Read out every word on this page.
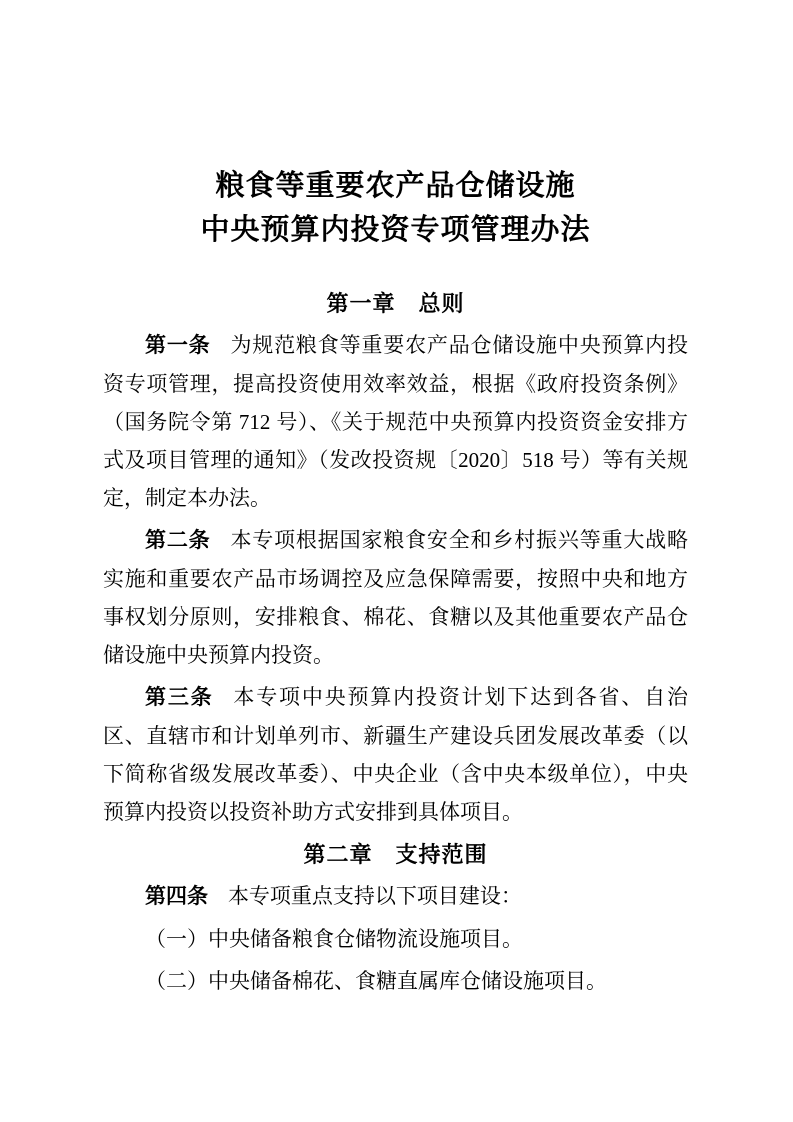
粮食等重要农产品仓储设施
中央预算内投资专项管理办法
第一章　总则

第一条 为规范粮食等重要农产品仓储设施中央预算内投资专项管理，提高投资使用效率效益，根据《政府投资条例》（国务院令第 712 号）、《关于规范中央预算内投资资金安排方式及项目管理的通知》（发改投资规〔2020〕518 号）等有关规定，制定本办法。

第二条 本专项根据国家粮食安全和乡村振兴等重大战略实施和重要农产品市场调控及应急保障需要，按照中央和地方事权划分原则，安排粮食、棉花、食糖以及其他重要农产品仓储设施中央预算内投资。

第三条 本专项中央预算内投资计划下达到各省、自治区、直辖市和计划单列市、新疆生产建设兵团发展改革委（以下简称省级发展改革委）、中央企业（含中央本级单位），中央预算内投资以投资补助方式安排到具体项目。

第二章　支持范围

第四条 本专项重点支持以下项目建设：

（一）中央储备粮食仓储物流设施项目。

（二）中央储备棉花、食糖直属库仓储设施项目。
